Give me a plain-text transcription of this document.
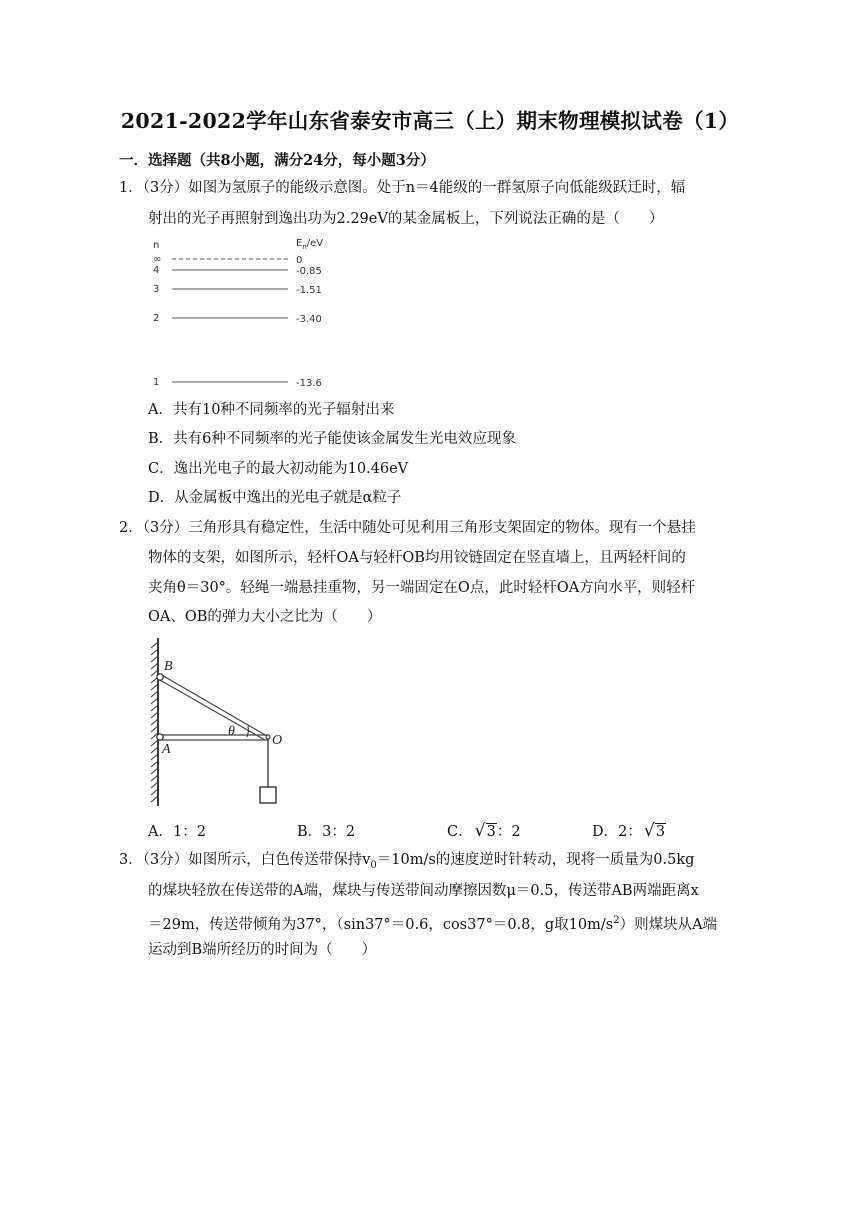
2021-2022学年山东省泰安市高三（上）期末物理模拟试卷（1）
一．选择题（共8小题，满分24分，每小题3分）
1．（3分）如图为氢原子的能级示意图。处于n＝4能级的一群氢原子向低能级跃迁时，辐
射出的光子再照射到逸出功为2.29eV的某金属板上，下列说法正确的是（　　）
n	$E_n/eV$
∞	0
4	-0.85
3	-1.51
2	-3.40
1	-13.6
A．共有10种不同频率的光子辐射出来
B．共有6种不同频率的光子能使该金属发生光电效应现象
C．逸出光电子的最大初动能为10.46eV
D．从金属板中逸出的光电子就是α粒子
2．（3分）三角形具有稳定性，生活中随处可见利用三角形支架固定的物体。现有一个悬挂
物体的支架，如图所示，轻杆OA与轻杆OB均用铰链固定在竖直墙上，且两轻杆间的
夹角θ＝30°。轻绳一端悬挂重物，另一端固定在O点，此时轻杆OA方向水平，则轻杆
OA、OB的弹力大小之比为（　　）
B
A
O
θ
A．1：2	B．3：2	C． √ 3：2	D．2： √ 3
3．（3分）如图所示，白色传送带保持$v_0=10m/s$的速度逆时针转动，现将一质量为0.5kg
的煤块轻放在传送带的A端，煤块与传送带间动摩擦因数μ＝0.5，传送带AB两端距离x
＝29m，传送带倾角为37°，（sin37°＝0.6，cos37°＝0.8，g取$10m/s^2$）则煤块从A端
运动到B端所经历的时间为（　　）
